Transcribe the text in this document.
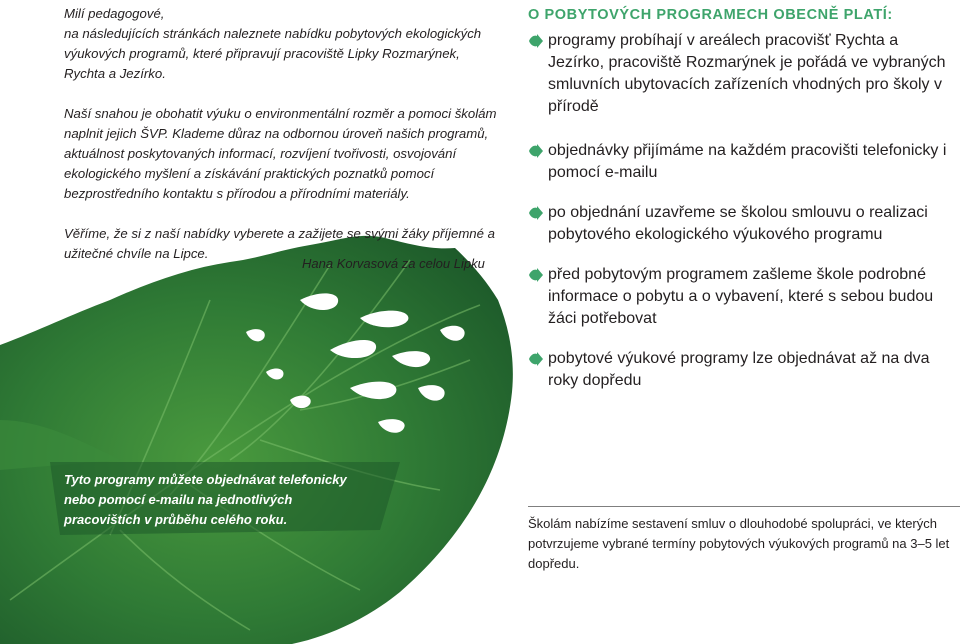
Milí pedagogové,

na následujících stránkách naleznete nabídku pobytových ekologických výukových programů, které připravují pracoviště Lipky Rozmarýnek, Rychta a Jezírko.

Naší snahou je obohatit výuku o environmentální rozměr a pomoci školám naplnit jejich ŠVP. Klademe důraz na odbornou úroveň našich programů, aktuálnost poskytovaných informací, rozvíjení tvořivosti, osvojování ekologického myšlení a získávání praktických poznatků pomocí bezprostředního kontaktu s přírodou a přírodními materiály.

Věříme, že si z naší nabídky vyberete a zažijete se svými žáky příjemné a užitečné chvíle na Lipce.

Hana Korvasová za celou Lipku

Tyto programy můžete objednávat telefonicky nebo pomocí e-mailu na jednotlivých pracovištích v průběhu celého roku.

O POBYTOVÝCH PROGRAMECH OBECNĚ PLATÍ:
programy probíhají v areálech pracovišť Rychta a Jezírko, pracoviště Rozmarýnek je pořádá ve vybraných smluvních ubytovacích zařízeních vhodných pro školy v přírodě
objednávky přijímáme na každém pracovišti telefonicky i pomocí e-mailu
po objednání uzavřeme se školou smlouvu o realizaci pobytového ekologického výukového programu
před pobytovým programem zašleme škole podrobné informace o pobytu a o vybavení, které s sebou budou žáci potřebovat
pobytové výukové programy lze objednávat až na dva roky dopředu
Školám nabízíme sestavení smluv o dlouhodobé spolupráci, ve kterých potvrzujeme vybrané termíny pobytových výukových programů na 3–5 let dopředu.
